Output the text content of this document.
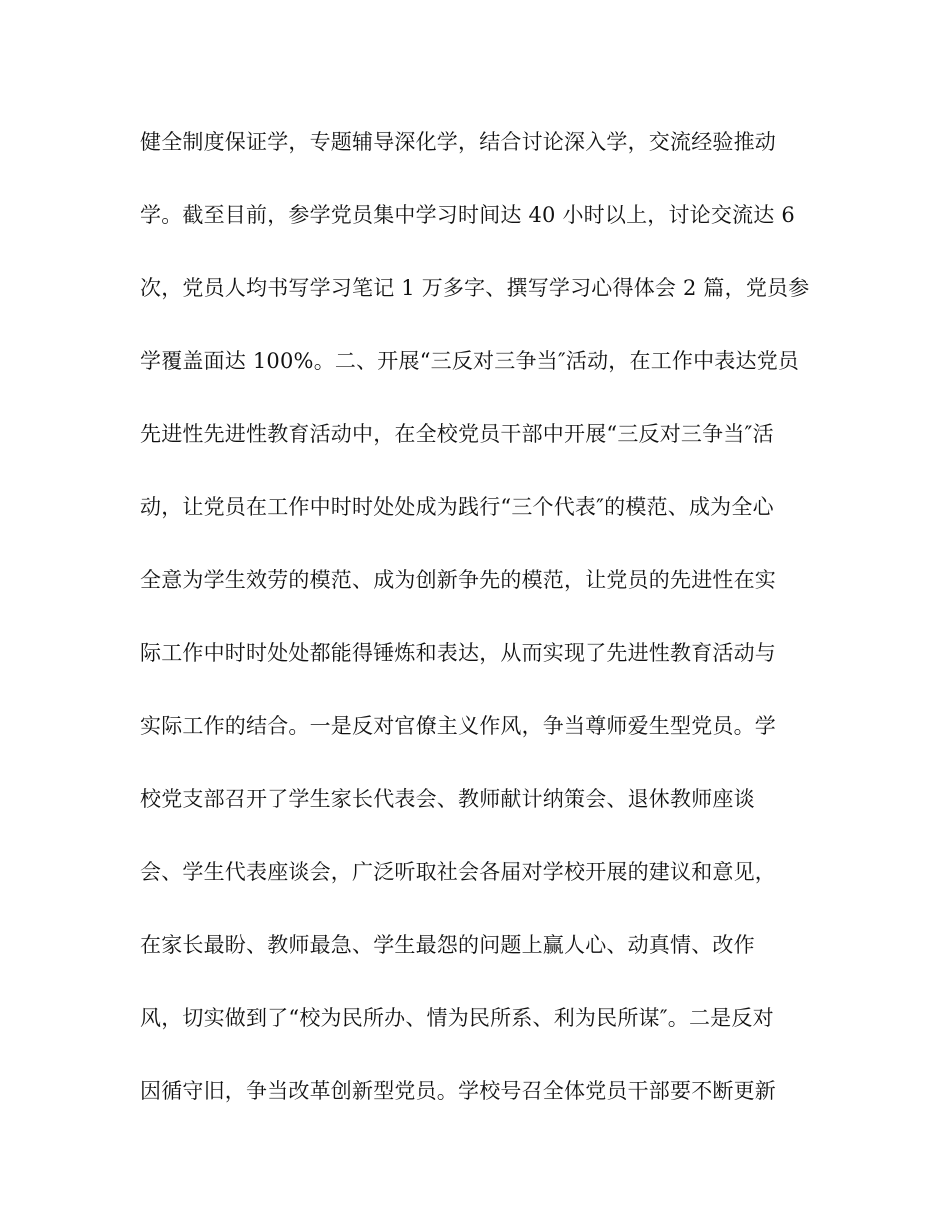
健全制度保证学，专题辅导深化学，结合讨论深入学，交流经验推动
学。截至目前，参学党员集中学习时间达 40 小时以上，讨论交流达 6
次，党员人均书写学习笔记 1 万多字、撰写学习心得体会 2 篇，党员参
学覆盖面达 100%。二、开展“三反对三争当″活动，在工作中表达党员
先进性先进性教育活动中，在全校党员干部中开展“三反对三争当″活
动，让党员在工作中时时处处成为践行“三个代表″的模范、成为全心
全意为学生效劳的模范、成为创新争先的模范，让党员的先进性在实
际工作中时时处处都能得锤炼和表达，从而实现了先进性教育活动与
实际工作的结合。一是反对官僚主义作风，争当尊师爱生型党员。学
校党支部召开了学生家长代表会、教师献计纳策会、退休教师座谈
会、学生代表座谈会，广泛听取社会各届对学校开展的建议和意见，
在家长最盼、教师最急、学生最怨的问题上赢人心、动真情、改作
风，切实做到了“校为民所办、情为民所系、利为民所谋″。二是反对
因循守旧，争当改革创新型党员。学校号召全体党员干部要不断更新
